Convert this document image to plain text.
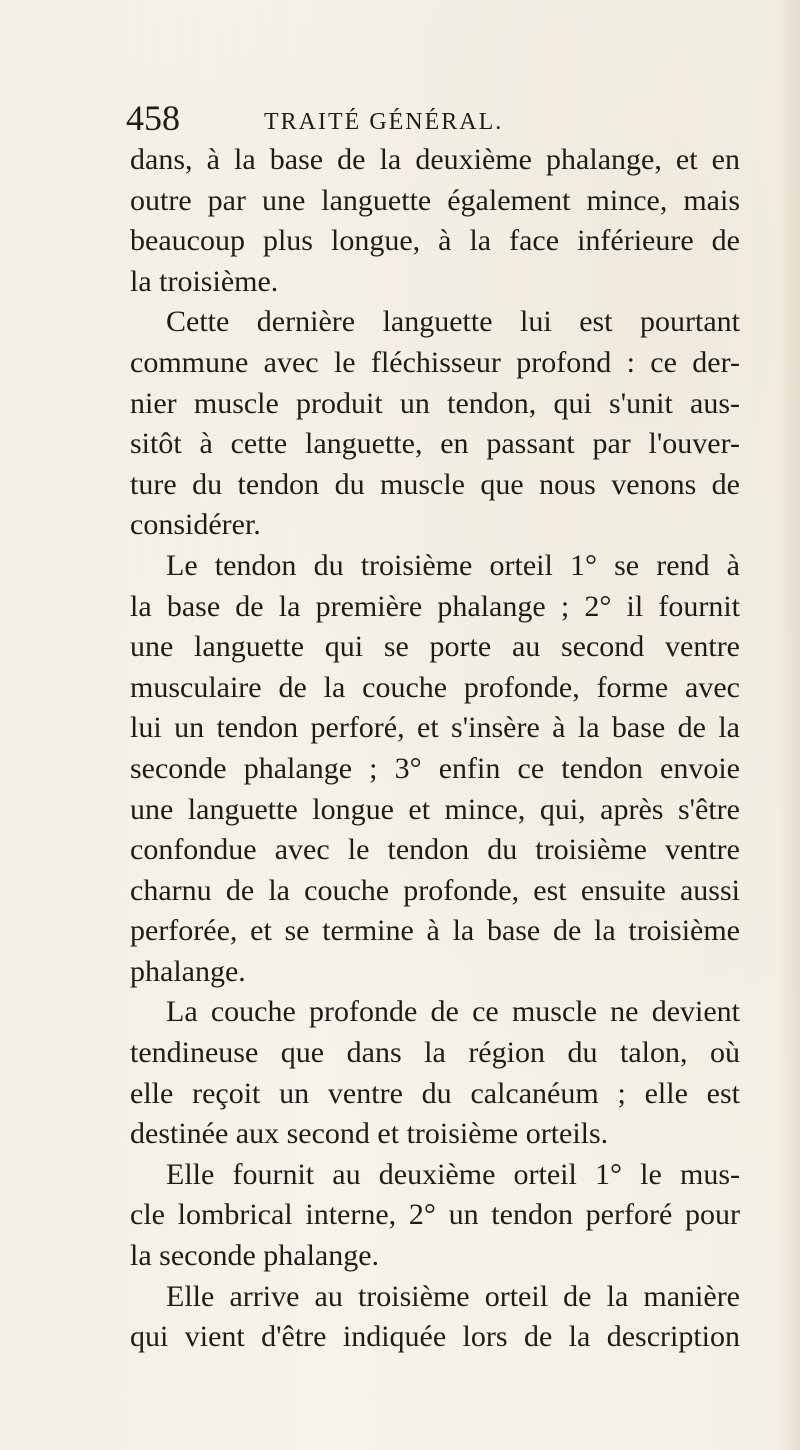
458	TRAITÉ GÉNÉRAL.

dans, à la base de la deuxième phalange, et en
outre par une languette également mince, mais
beaucoup plus longue, à la face inférieure de
la troisième.
Cette dernière languette lui est pourtant
commune avec le fléchisseur profond : ce der-
nier muscle produit un tendon, qui s'unit aus-
sitôt à cette languette, en passant par l'ouver-
ture du tendon du muscle que nous venons de
considérer.
Le tendon du troisième orteil 1° se rend à
la base de la première phalange ; 2° il fournit
une languette qui se porte au second ventre
musculaire de la couche profonde, forme avec
lui un tendon perforé, et s'insère à la base de la
seconde phalange ; 3° enfin ce tendon envoie
une languette longue et mince, qui, après s'être
confondue avec le tendon du troisième ventre
charnu de la couche profonde, est ensuite aussi
perforée, et se termine à la base de la troisième
phalange.
La couche profonde de ce muscle ne devient
tendineuse que dans la région du talon, où
elle reçoit un ventre du calcanéum ; elle est
destinée aux second et troisième orteils.
Elle fournit au deuxième orteil 1° le mus-
cle lombrical interne, 2° un tendon perforé pour
la seconde phalange.
Elle arrive au troisième orteil de la manière
qui vient d'être indiquée lors de la description
